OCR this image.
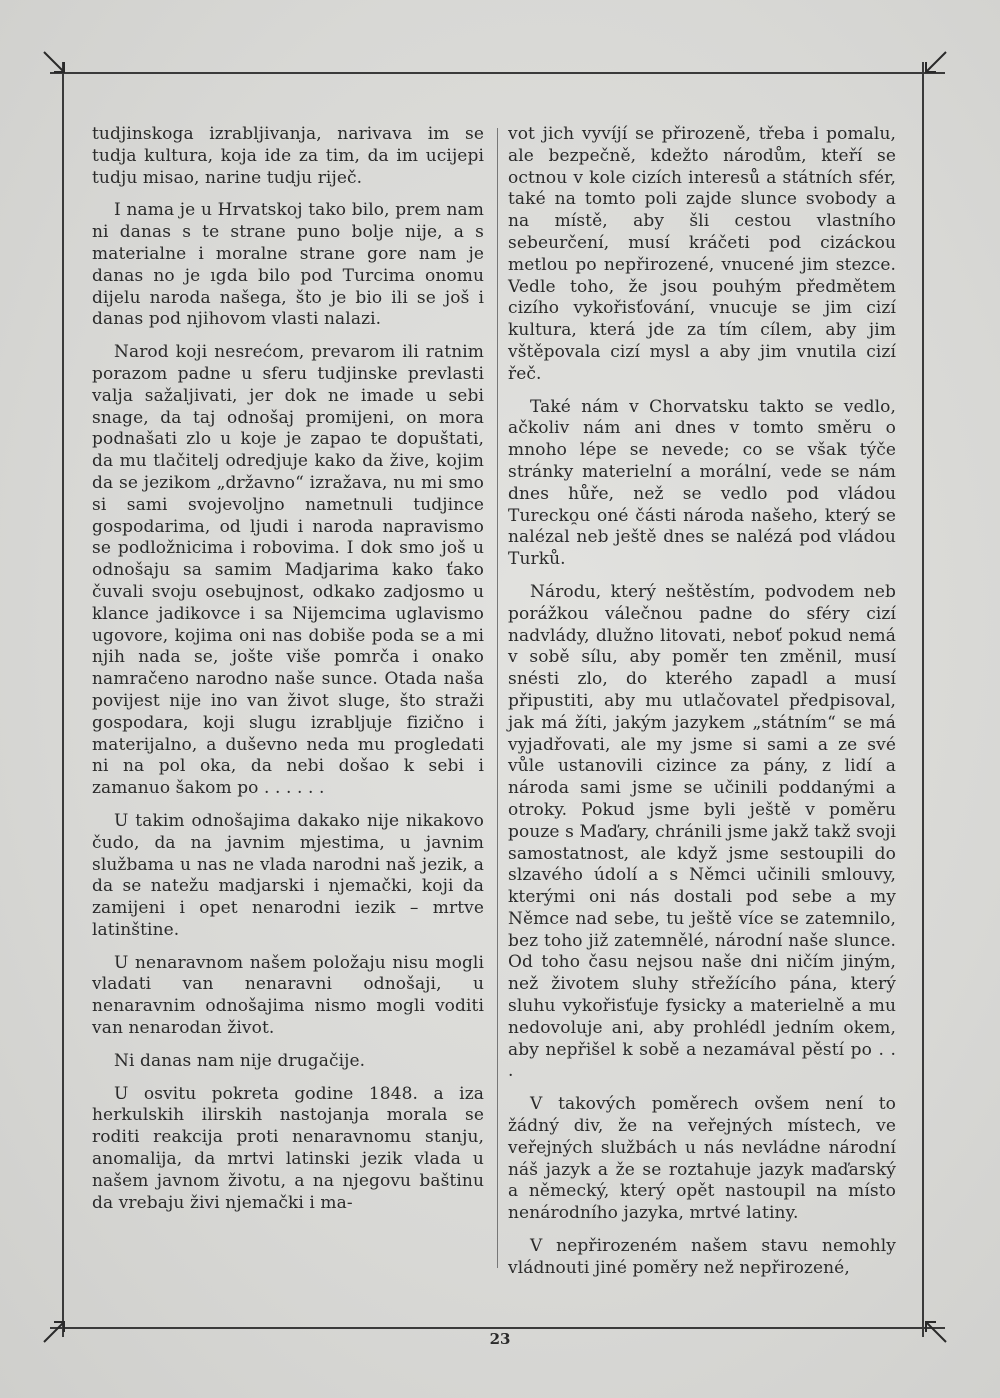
tudjinskoga izrabljivanja, narivava im se tudja kultura, koja ide za tim, da im ucijepi tudju misao, narine tudju riječ.

I nama je u Hrvatskoj tako bilo, prem nam ni danas s te strane puno bolje nije, a s materialne i moralne strane gore nam je danas no je ıgda bilo pod Turcima onomu dijelu naroda našega, što je bio ili se još i danas pod njihovom vlasti nalazi.

Narod koji nesrećom, prevarom ili ratnim porazom padne u sferu tudjinske prevlasti valja sažaljivati, jer dok ne imade u sebi snage, da taj odnošaj promijeni, on mora podnašati zlo u koje je zapao te dopuštati, da mu tlačitelj odredjuje kako da žive, kojim da se jezikom „državno“ izražava, nu mi smo si sami svojevoljno nametnuli tudjince gospodarima, od ljudi i naroda napravismo se podložnicima i robovima. I dok smo još u odnošaju sa samim Madjarima kako ťako čuvali svoju osebujnost, odkako zadjosmo u klance jadikovce i sa Nijemcima uglavismo ugovore, kojima oni nas dobiše poda se a mi njih nada se, jošte više pomrča i onako namračeno narodno naše sunce. Otada naša povijest nije ino van život sluge, što straži gospodara, koji slugu izrabljuje fizično i materijalno, a duševno neda mu progledati ni na pol oka, da nebi došao k sebi i zamanuo šakom po . . . . . .

U takim odnošajima dakako nije nikakovo čudo, da na javnim mjestima, u javnim službama u nas ne vlada narodni naš jezik, a da se natežu madjarski i njemački, koji da zamijeni i opet nenarodni iezik – mrtve latinštine.

U nenaravnom našem položaju nisu mogli vladati van nenaravni odnošaji, u nenaravnim odnošajima nismo mogli voditi van nenarodan život.

Ni danas nam nije drugačije.

U osvitu pokreta godine 1848. a iza herkulskih ilirskih nastojanja morala se roditi reakcija proti nenaravnomu stanju, anomalija, da mrtvi latinski jezik vlada u našem javnom životu, a na njegovu baštinu da vrebaju živi njemački i ma-

vot jich vyvíjí se přirozeně, třeba i pomalu, ale bezpečně, kdežto národům, kteří se octnou v kole cizích interesů a státních sfér, také na tomto poli zajde slunce svobody a na místě, aby šli cestou vlastního sebeurčení, musí kráčeti pod cizáckou metlou po nepřirozené, vnucené jim stezce. Vedle toho, že jsou pouhým předmětem cizího vykořisťování, vnucuje se jim cizí kultura, která jde za tím cílem, aby jim vštěpovala cizí mysl a aby jim vnutila cizí řeč.

Také nám v Chorvatsku takto se vedlo, ačkoliv nám ani dnes v tomto směru o mnoho lépe se nevede; co se však týče stránky materielní a morální, vede se nám dnes hůře, než se vedlo pod vládou Turecko̯u oné části národa našeho, který se nalézal neb ještě dnes se nalézá pod vládou Turků.

Národu, který neštěstím, podvodem neb porážkou válečnou padne do sféry cizí nadvlády, dlužno litovati, neboť pokud nemá v sobě sílu, aby poměr ten změnil, musí snésti zlo, do kterého zapadl a musí připustiti, aby mu utlačovatel předpisoval, jak má žíti, jakým jazykem „státním“ se má vyjadřovati, ale my jsme si sami a ze své vůle ustanovili cizince za pány, z lidí a národa sami jsme se učinili poddanými a otroky. Pokud jsme byli ještě v poměru pouze s Maďary, chránili jsme jakž takž svoji samostatnost, ale když jsme sestoupili do slzavého údolí a s Němci učinili smlouvy, kterými oni nás dostali pod sebe a my Němce nad sebe, tu ještě více se zatemnilo, bez toho již zatemnělé, národní naše slunce. Od toho času nejsou naše dni ničím jiným, než životem sluhy střežícího pána, který sluhu vykořisťuje fysicky a materielně a mu nedovoluje ani, aby prohlédl jedním okem, aby nepřišel k sobě a nezamával pěstí po . . .

V takových poměrech ovšem není to žádný div, že na veřejných místech, ve veřejných službách u nás nevládne národní náš jazyk a že se roztahuje jazyk maďarský a německý, který opět nastoupil na místo nenárodního jazyka, mrtvé latiny.

V nepřirozeném našem stavu nemohly vládnouti jiné poměry než nepřirozené,

23
